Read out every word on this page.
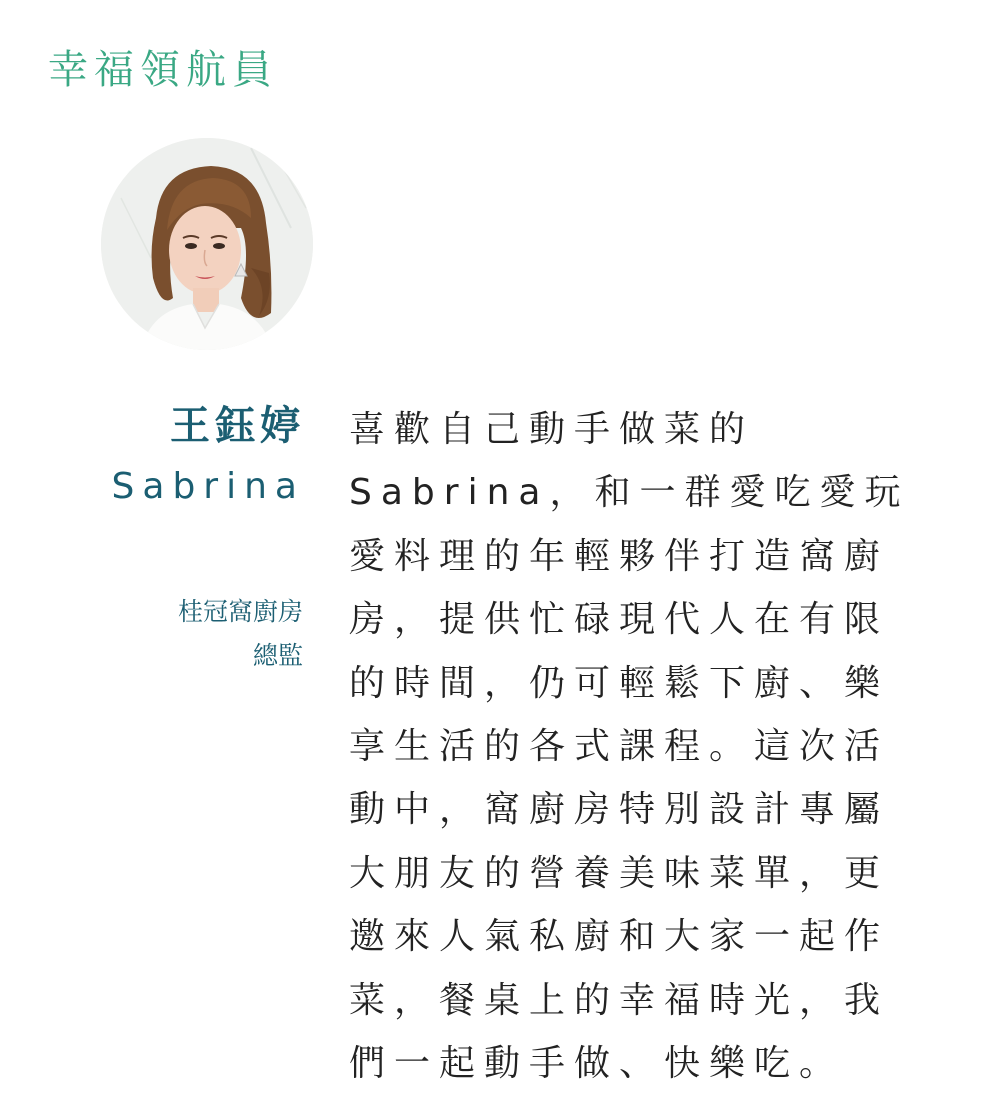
幸福領航員
王鈺婷
Sabrina
桂冠窩廚房
總監
喜歡自己動手做菜的
Sabrina，和一群愛吃愛玩
愛料理的年輕夥伴打造窩廚
房，提供忙碌現代人在有限
的時間，仍可輕鬆下廚、樂
享生活的各式課程。這次活
動中，窩廚房特別設計專屬
大朋友的營養美味菜單，更
邀來人氣私廚和大家一起作
菜，餐桌上的幸福時光，我
們一起動手做、快樂吃。
